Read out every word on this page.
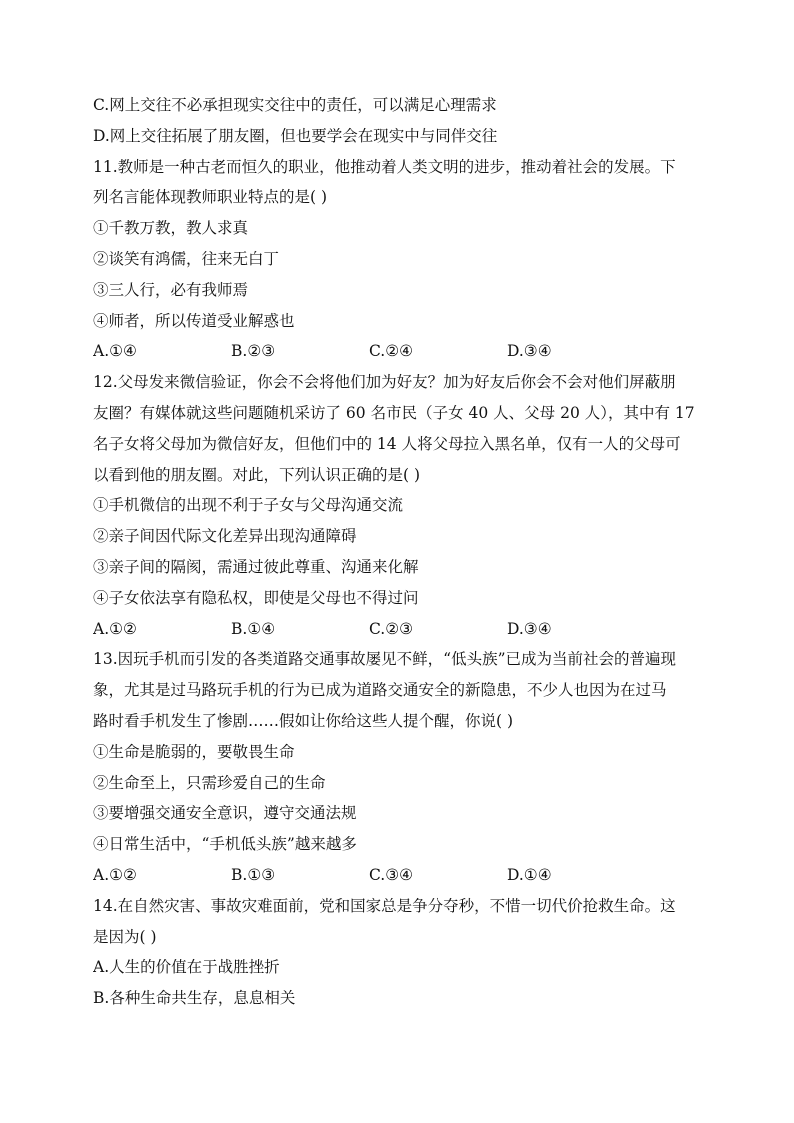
C.网上交往不必承担现实交往中的责任，可以满足心理需求
D.网上交往拓展了朋友圈，但也要学会在现实中与同伴交往
11.教师是一种古老而恒久的职业，他推动着人类文明的进步，推动着社会的发展。下
列名言能体现教师职业特点的是( )
①千教万教，教人求真
②谈笑有鸿儒，往来无白丁
③三人行，必有我师焉
④师者，所以传道受业解惑也
A.①④	B.②③	C.②④	D.③④
12.父母发来微信验证，你会不会将他们加为好友？加为好友后你会不会对他们屏蔽朋
友圈？有媒体就这些问题随机采访了 60 名市民（子女 40 人、父母 20 人），其中有 17
名子女将父母加为微信好友，但他们中的 14 人将父母拉入黑名单，仅有一人的父母可
以看到他的朋友圈。对此，下列认识正确的是( )
①手机微信的出现不利于子女与父母沟通交流
②亲子间因代际文化差异出现沟通障碍
③亲子间的隔阂，需通过彼此尊重、沟通来化解
④子女依法享有隐私权，即使是父母也不得过问
A.①②	B.①④	C.②③	D.③④
13.因玩手机而引发的各类道路交通事故屡见不鲜，“低头族”已成为当前社会的普遍现
象，尤其是过马路玩手机的行为已成为道路交通安全的新隐患，不少人也因为在过马
路时看手机发生了惨剧……假如让你给这些人提个醒，你说( )
①生命是脆弱的，要敬畏生命
②生命至上，只需珍爱自己的生命
③要增强交通安全意识，遵守交通法规
④日常生活中，“手机低头族”越来越多
A.①②	B.①③	C.③④	D.①④
14.在自然灾害、事故灾难面前，党和国家总是争分夺秒，不惜一切代价抢救生命。这
是因为( )
A.人生的价值在于战胜挫折
B.各种生命共生存，息息相关
